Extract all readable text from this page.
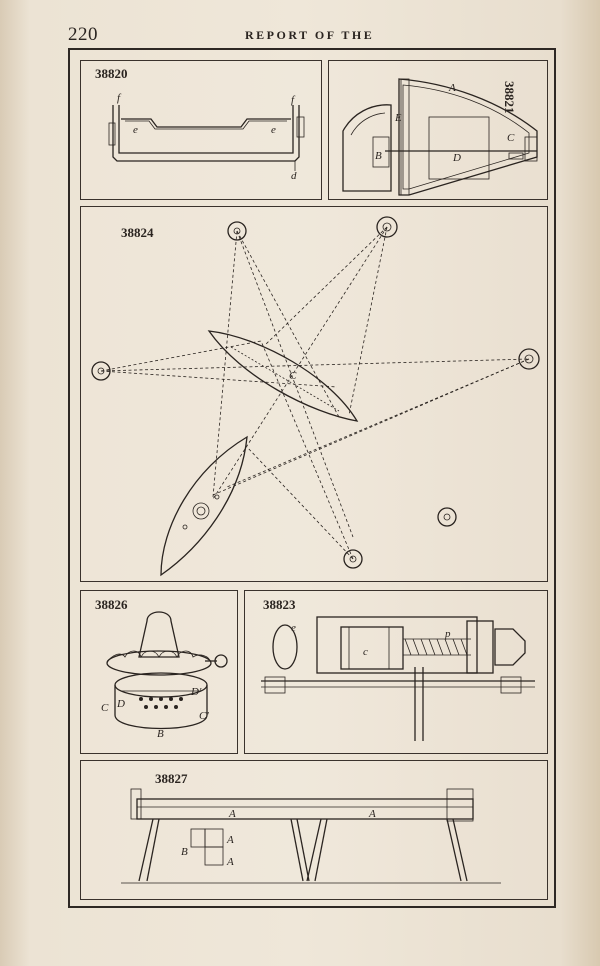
220	REPORT OF THE
38820
f	f
e	e
d
38821
A
E
C
D
B
38824
C
38826
D'
D
C
C'
B
38823
e
c
p
38827
A	A
A
B
A
